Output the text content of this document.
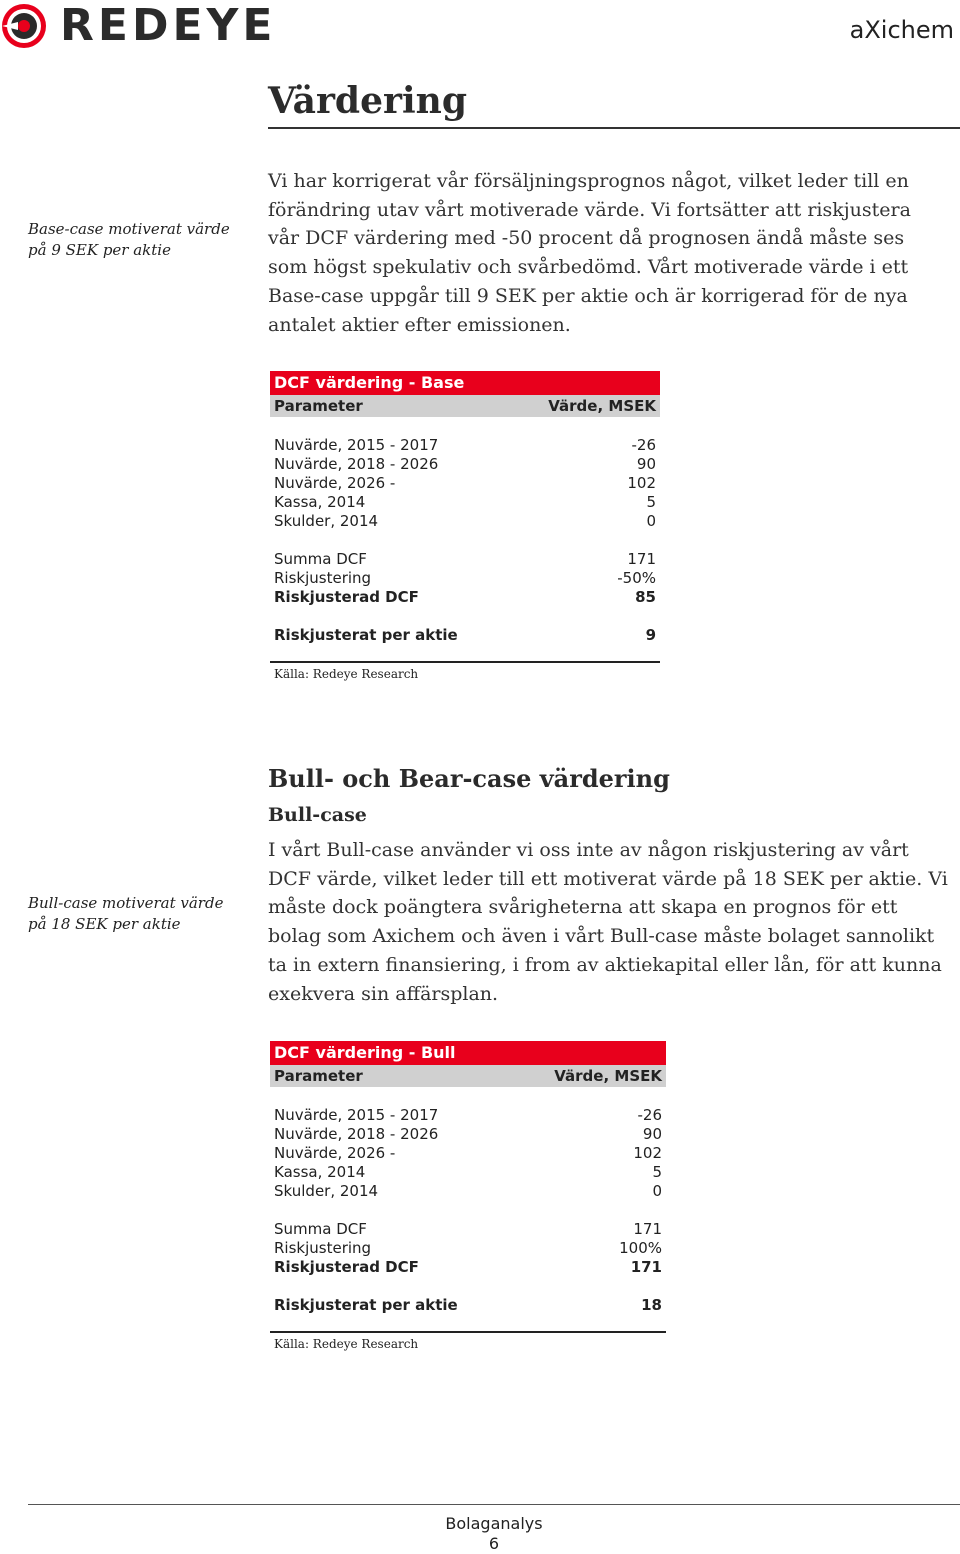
REDEYE	aXichem
Värdering
Base-case motiverat värde på 9 SEK per aktie
Vi har korrigerat vår försäljningsprognos något, vilket leder till en förändring utav vårt motiverade värde. Vi fortsätter att riskjustera vår DCF värdering med -50 procent då prognosen ändå måste ses som högst spekulativ och svårbedömd. Vårt motiverade värde i ett Base-case uppgår till 9 SEK per aktie och är korrigerad för de nya antalet aktier efter emissionen.
DCF värdering - Base
Parameter	Värde, MSEK
Nuvärde, 2015 - 2017	-26
Nuvärde, 2018 - 2026	90
Nuvärde, 2026 -	102
Kassa, 2014	5
Skulder, 2014	0
Summa DCF	171
Riskjustering	-50%
Riskjusterad DCF	85
Riskjusterat per aktie	9
Källa: Redeye Research
Bull- och Bear-case värdering
Bull-case
Bull-case motiverat värde på 18 SEK per aktie
I vårt Bull-case använder vi oss inte av någon riskjustering av vårt DCF värde, vilket leder till ett motiverat värde på 18 SEK per aktie. Vi måste dock poängtera svårigheterna att skapa en prognos för ett bolag som Axichem och även i vårt Bull-case måste bolaget sannolikt ta in extern finansiering, i from av aktiekapital eller lån, för att kunna exekvera sin affärsplan.
DCF värdering - Bull
Parameter	Värde, MSEK
Nuvärde, 2015 - 2017	-26
Nuvärde, 2018 - 2026	90
Nuvärde, 2026 -	102
Kassa, 2014	5
Skulder, 2014	0
Summa DCF	171
Riskjustering	100%
Riskjusterad DCF	171
Riskjusterat per aktie	18
Källa: Redeye Research
Bolaganalys
6
